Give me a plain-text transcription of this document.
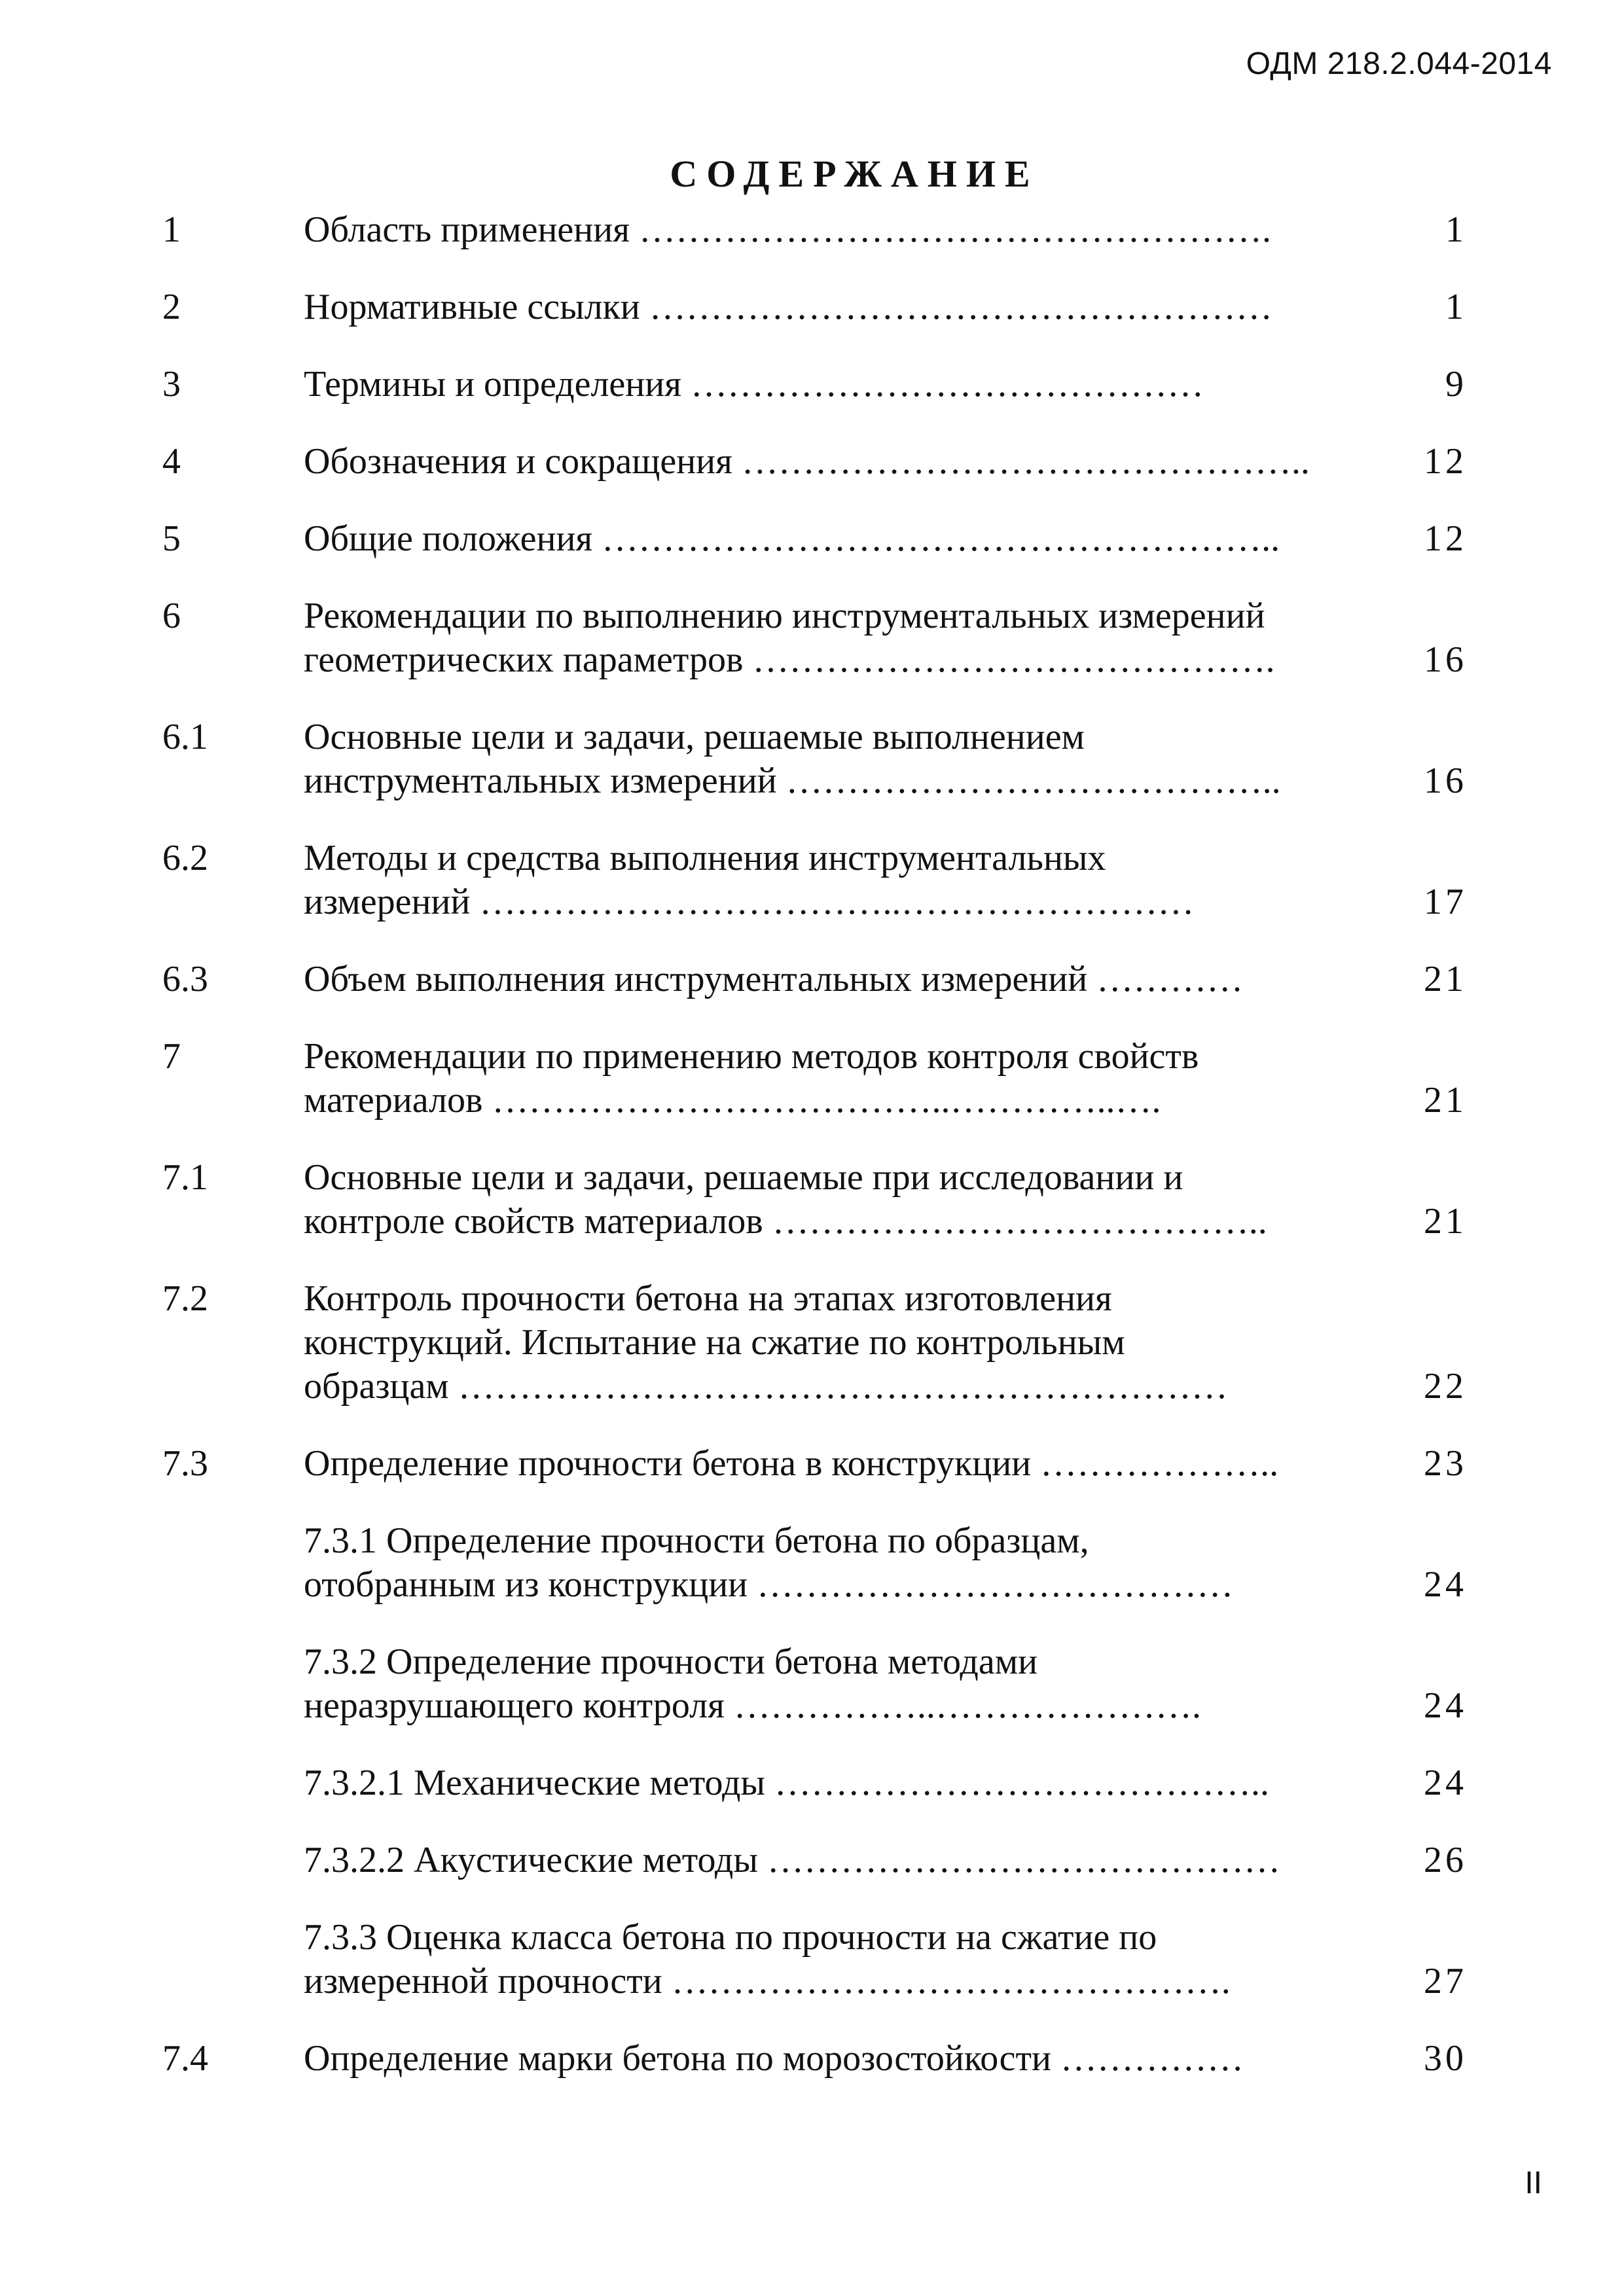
ОДМ 218.2.044-2014
СОДЕРЖАНИЕ
1	Область применения …………………………………………….	1
2	Нормативные ссылки ……………………………………………	1
3	Термины и определения ……………………………………	9
4	Обозначения и сокращения ………………………………………..	12
5	Общие положения ………………………………………………..	12
6	Рекомендации по выполнению инструментальных измерений
геометрических параметров …………………………………….	16
6.1	Основные цели и задачи, решаемые выполнением
инструментальных измерений …………………………………..	16
6.2	Методы и средства выполнения инструментальных
измерений ……………………………..……………………	17
6.3	Объем выполнения инструментальных измерений …………	21
7	Рекомендации по применению методов контроля свойств
материалов ………………………………..…………..….	21
7.1	Основные цели и задачи, решаемые при исследовании и
контроле свойств материалов …………………………………..	21
7.2	Контроль прочности бетона на этапах изготовления
конструкций. Испытание на сжатие по контрольным
образцам ………………………………………………………	22
7.3	Определение прочности бетона в конструкции ………………..	23
7.3.1 Определение прочности бетона по образцам,
отобранным из конструкции …………………………………	24
7.3.2 Определение прочности бетона методами
неразрушающего контроля ……………..………………….	24
7.3.2.1 Механические методы …………………………………..	24
7.3.2.2 Акустические методы ……………………………………	26
7.3.3 Оценка класса бетона по прочности на сжатие по
измеренной прочности ……………………………………….	27
7.4	Определение марки бетона по морозостойкости ……………	30
II
